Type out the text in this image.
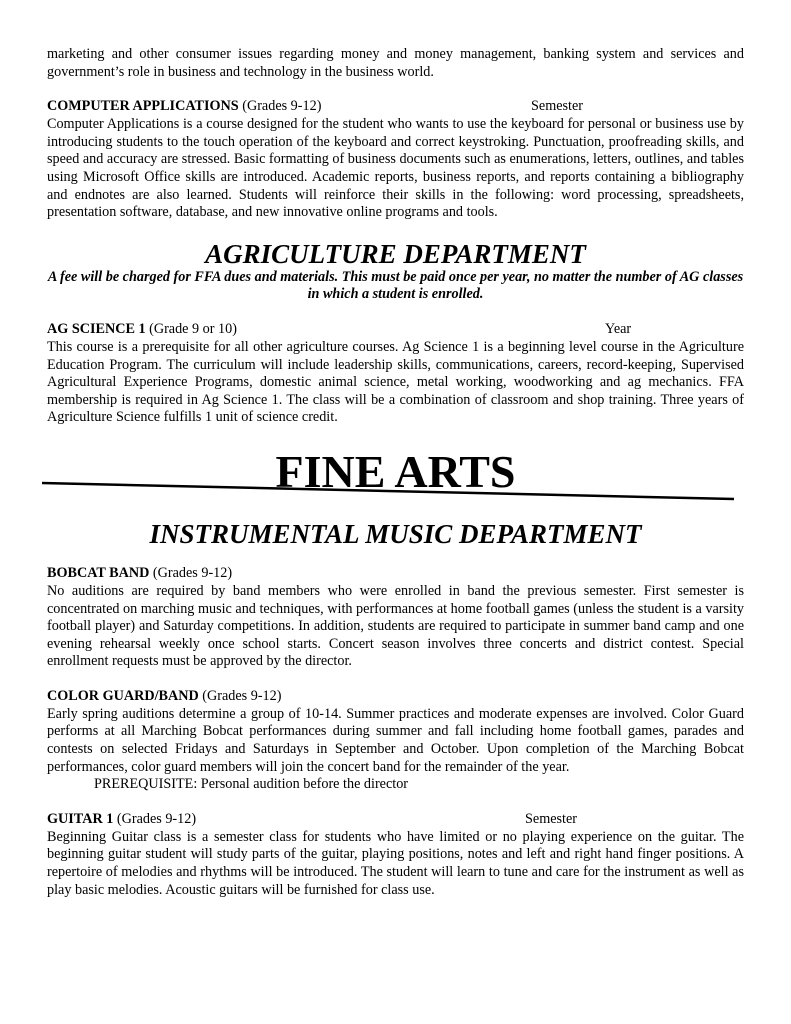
marketing and other consumer issues regarding money and money management, banking system and services and government’s role in business and technology in the business world.

COMPUTER APPLICATIONS (Grades 9-12)	Semester

Computer Applications is a course designed for the student who wants to use the keyboard for personal or business use by introducing students to the touch operation of the keyboard and correct keystroking. Punctuation, proofreading skills, and speed and accuracy are stressed. Basic formatting of business documents such as enumerations, letters, outlines, and tables using Microsoft Office skills are introduced. Academic reports, business reports, and reports containing a bibliography and endnotes are also learned. Students will reinforce their skills in the following: word processing, spreadsheets, presentation software, database, and new innovative online programs and tools.

AGRICULTURE DEPARTMENT

A fee will be charged for FFA dues and materials. This must be paid once per year, no matter the number of AG classes in which a student is enrolled.

AG SCIENCE 1 (Grade 9 or 10)	Year

This course is a prerequisite for all other agriculture courses. Ag Science 1 is a beginning level course in the Agriculture Education Program. The curriculum will include leadership skills, communications, careers, record-keeping, Supervised Agricultural Experience Programs, domestic animal science, metal working, woodworking and ag mechanics. FFA membership is required in Ag Science 1. The class will be a combination of classroom and shop training. Three years of Agriculture Science fulfills 1 unit of science credit.

FINE ARTS
INSTRUMENTAL MUSIC DEPARTMENT
BOBCAT BAND (Grades 9-12)

No auditions are required by band members who were enrolled in band the previous semester. First semester is concentrated on marching music and techniques, with performances at home football games (unless the student is a varsity football player) and Saturday competitions. In addition, students are required to participate in summer band camp and one evening rehearsal weekly once school starts. Concert season involves three concerts and district contest. Special enrollment requests must be approved by the director.

COLOR GUARD/BAND (Grades 9-12)

Early spring auditions determine a group of 10-14. Summer practices and moderate expenses are involved. Color Guard performs at all Marching Bobcat performances during summer and fall including home football games, parades and contests on selected Fridays and Saturdays in September and October. Upon completion of the Marching Bobcat performances, color guard members will join the concert band for the remainder of the year.

PREREQUISITE: Personal audition before the director

GUITAR 1 (Grades 9-12)	Semester

Beginning Guitar class is a semester class for students who have limited or no playing experience on the guitar. The beginning guitar student will study parts of the guitar, playing positions, notes and left and right hand finger positions. A repertoire of melodies and rhythms will be introduced. The student will learn to tune and care for the instrument as well as play basic melodies. Acoustic guitars will be furnished for class use.
